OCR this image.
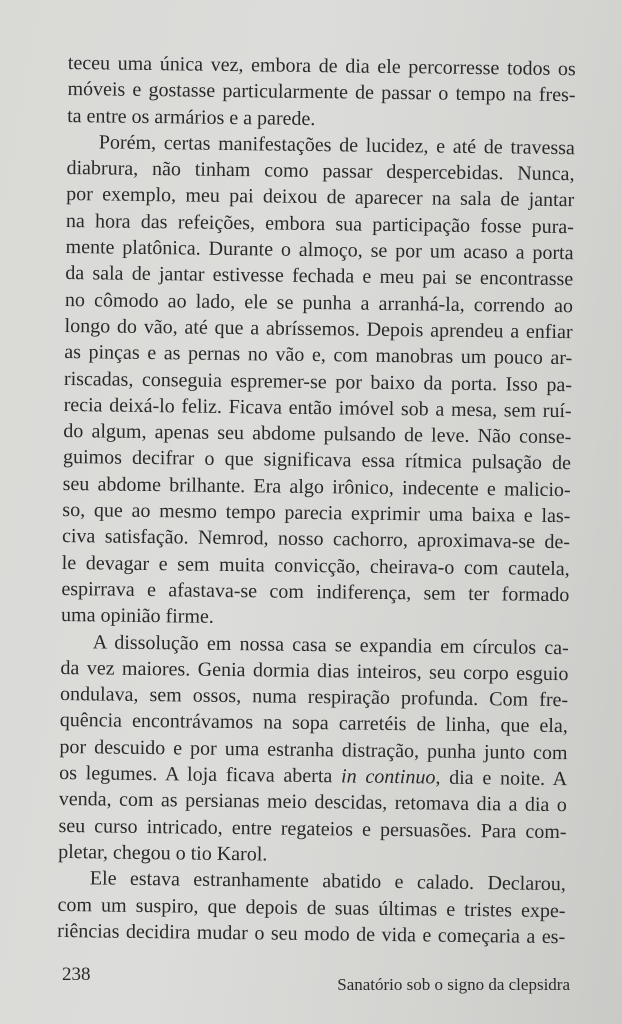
teceu uma única vez, embora de dia ele percorresse todos os
móveis e gostasse particularmente de passar o tempo na fres-
ta entre os armários e a parede.
Porém, certas manifestações de lucidez, e até de travessa
diabrura, não tinham como passar despercebidas. Nunca,
por exemplo, meu pai deixou de aparecer na sala de jantar
na hora das refeições, embora sua participação fosse pura-
mente platônica. Durante o almoço, se por um acaso a porta
da sala de jantar estivesse fechada e meu pai se encontrasse
no cômodo ao lado, ele se punha a arranhá-la, correndo ao
longo do vão, até que a abríssemos. Depois aprendeu a enfiar
as pinças e as pernas no vão e, com manobras um pouco ar-
riscadas, conseguia espremer-se por baixo da porta. Isso pa-
recia deixá-lo feliz. Ficava então imóvel sob a mesa, sem ruí-
do algum, apenas seu abdome pulsando de leve. Não conse-
guimos decifrar o que significava essa rítmica pulsação de
seu abdome brilhante. Era algo irônico, indecente e malicio-
so, que ao mesmo tempo parecia exprimir uma baixa e las-
civa satisfação. Nemrod, nosso cachorro, aproximava-se de-
le devagar e sem muita convicção, cheirava-o com cautela,
espirrava e afastava-se com indiferença, sem ter formado
uma opinião firme.
A dissolução em nossa casa se expandia em círculos ca-
da vez maiores. Genia dormia dias inteiros, seu corpo esguio
ondulava, sem ossos, numa respiração profunda. Com fre-
quência encontrávamos na sopa carretéis de linha, que ela,
por descuido e por uma estranha distração, punha junto com
os legumes. A loja ficava aberta in continuo, dia e noite. A
venda, com as persianas meio descidas, retomava dia a dia o
seu curso intricado, entre regateios e persuasões. Para com-
pletar, chegou o tio Karol.
Ele estava estranhamente abatido e calado. Declarou,
com um suspiro, que depois de suas últimas e tristes expe-
riências decidira mudar o seu modo de vida e começaria a es-
238	Sanatório sob o signo da clepsidra
